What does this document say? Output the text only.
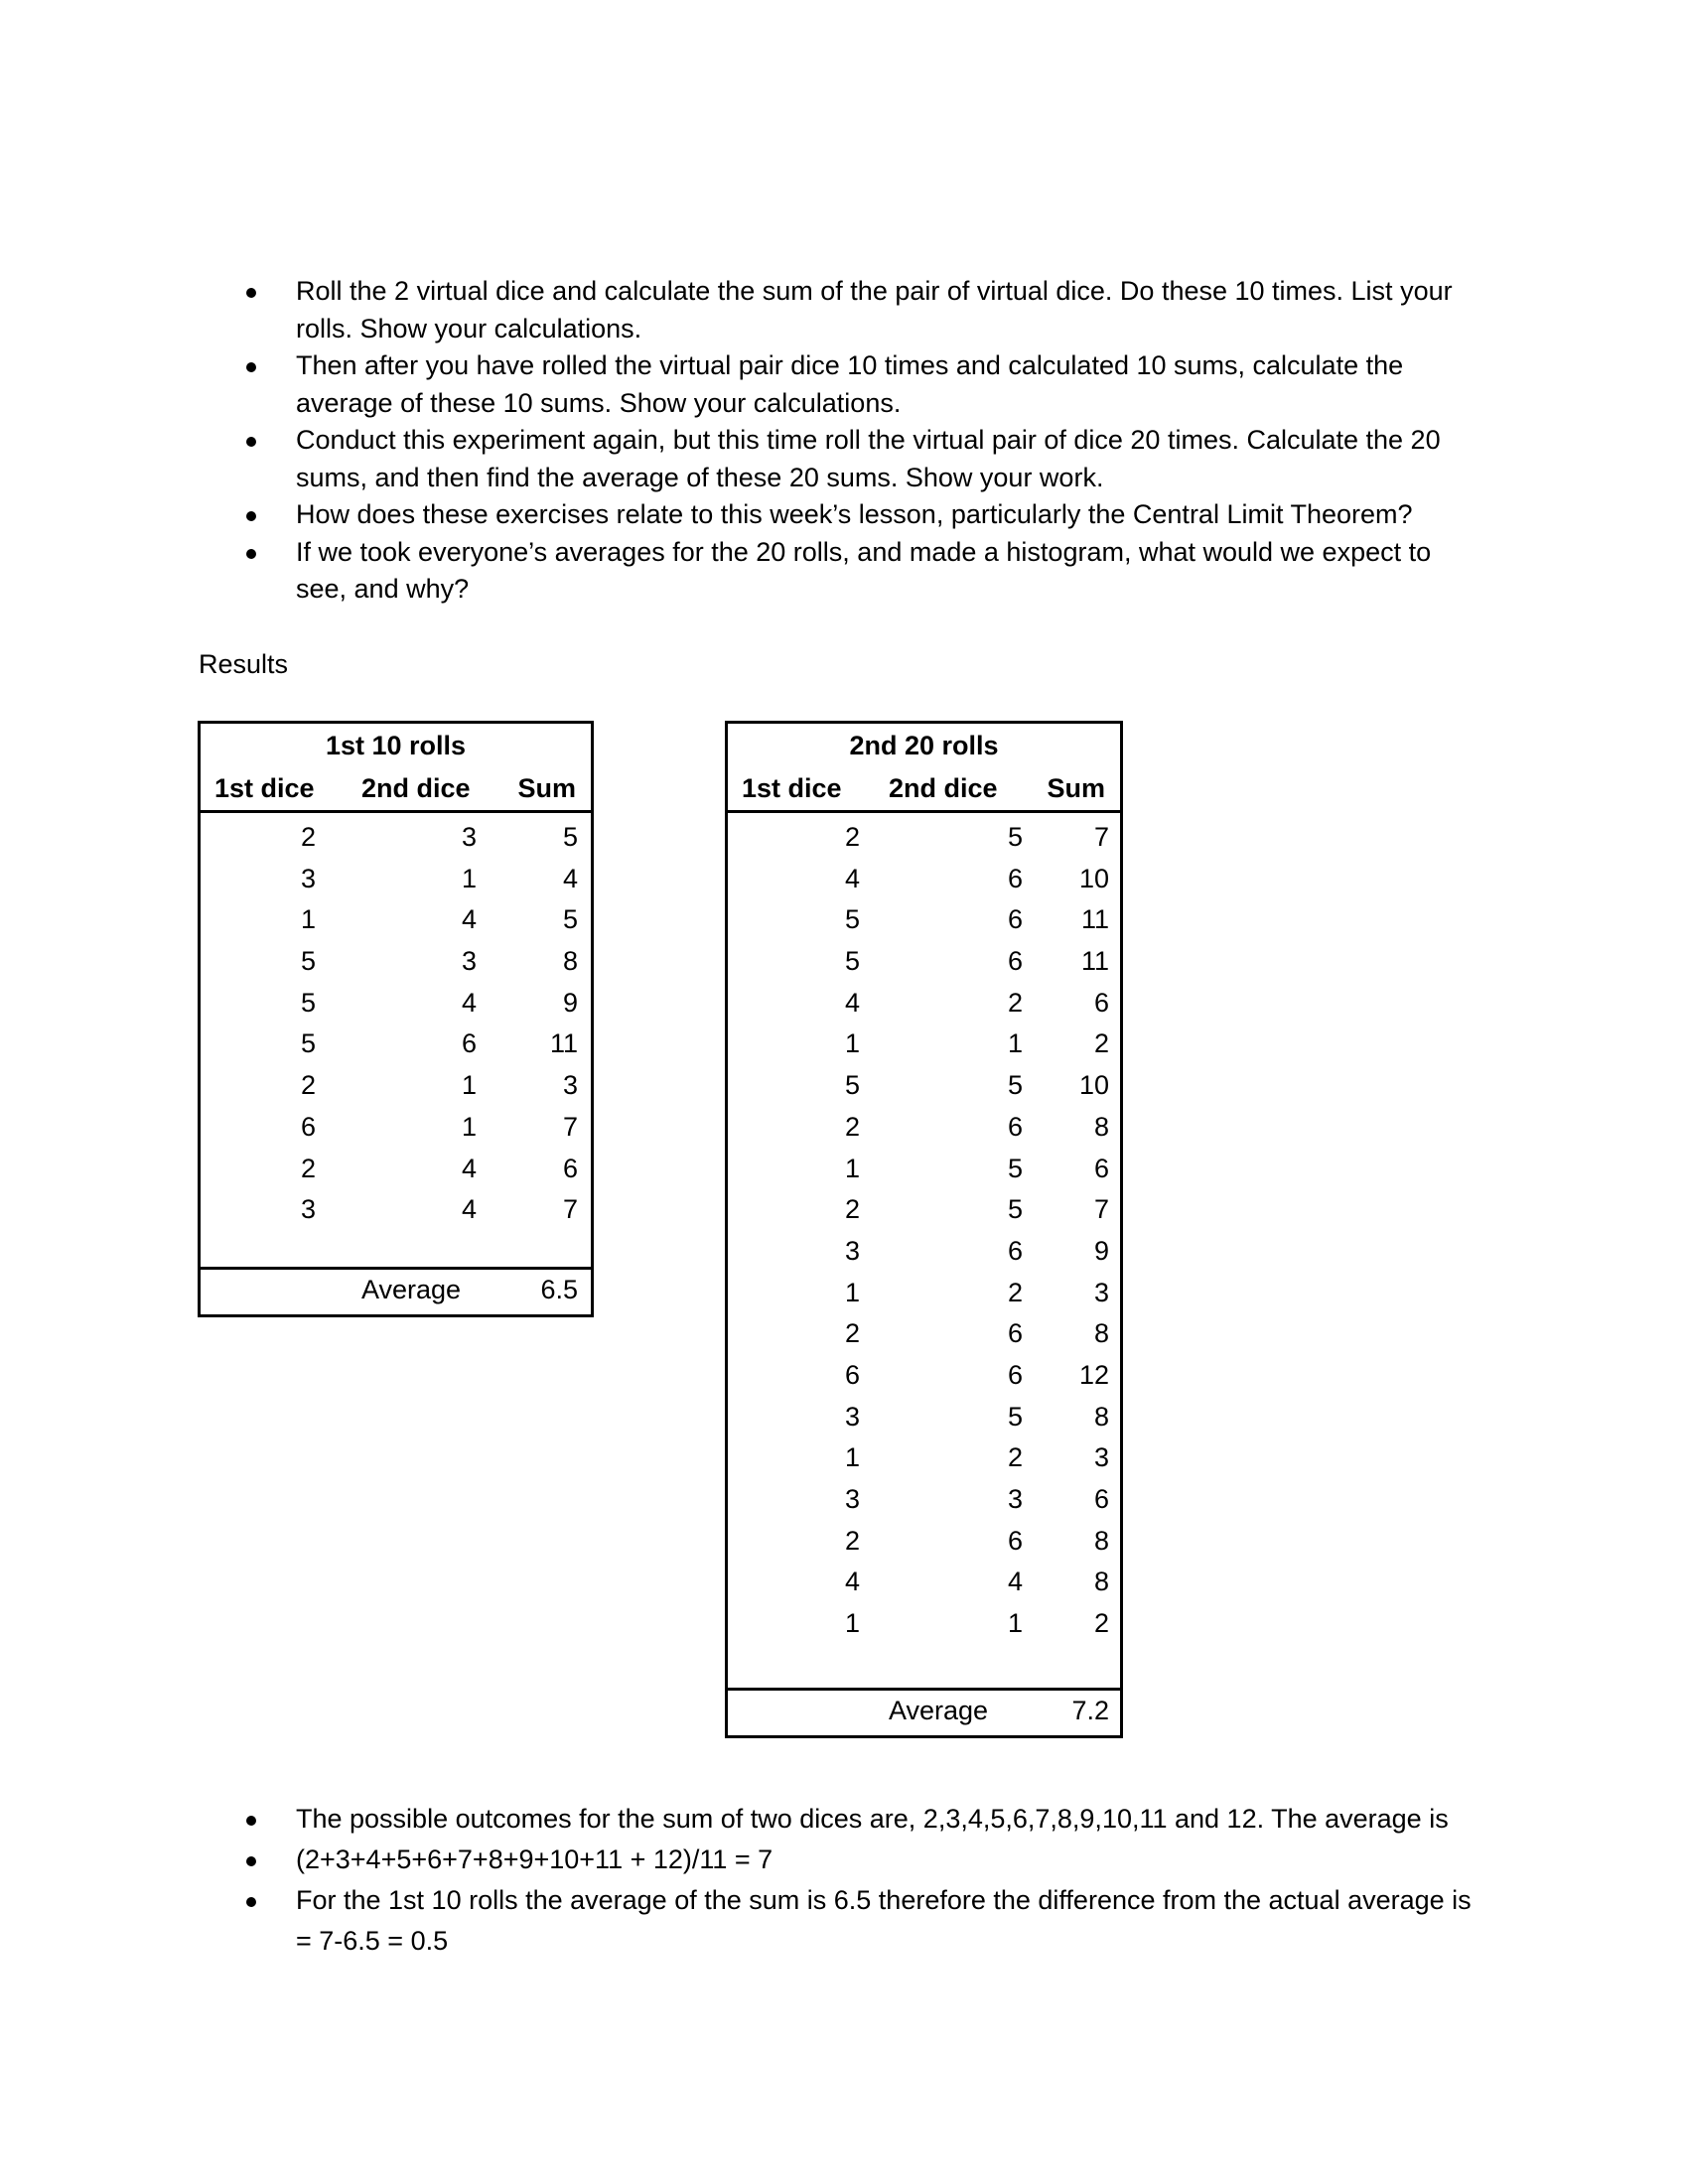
Roll the 2 virtual dice and calculate the sum of the pair of virtual dice. Do these 10 times. List your rolls. Show your calculations.
Then after you have rolled the virtual pair dice 10 times and calculated 10 sums, calculate the average of these 10 sums. Show your calculations.
Conduct this experiment again, but this time roll the virtual pair of dice 20 times. Calculate the 20 sums, and then find the average of these 20 sums. Show your work.
How does these exercises relate to this week’s lesson, particularly the Central Limit Theorem?
If we took everyone’s averages for the 20 rolls, and made a histogram, what would we expect to see, and why?
Results
1st 10 rolls
1st dice 2nd dice Sum
2	3	5
3	1	4
1	4	5
5	3	8
5	4	9
5	6	11
2	1	3
6	1	7
2	4	6
3	4	7
Average	6.5
2nd 20 rolls
1st dice 2nd dice Sum
2	5	7
4	6 10
5	6 11
5	6 11
4	2	6
1	1	2
5	5 10
2	6	8
1	5	6
2	5	7
3	6	9
1	2	3
2	6	8
6	6 12
3	5	8
1	2	3
3	3	6
2	6	8
4	4	8
1	1	2
Average	7.2
The possible outcomes for the sum of two dices are, 2,3,4,5,6,7,8,9,10,11 and 12. The average is
(2+3+4+5+6+7+8+9+10+11 + 12)/11 = 7
For the 1st 10 rolls the average of the sum is 6.5 therefore the difference from the actual average is = 7-6.5 = 0.5
